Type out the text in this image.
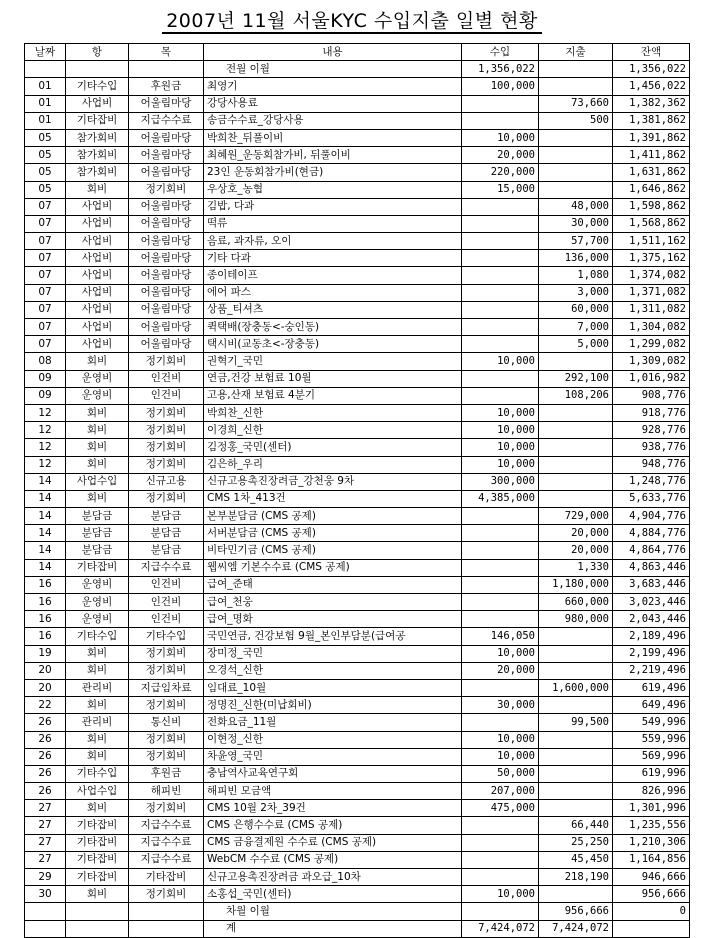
2007년 11월 서울KYC 수입지출 일별 현황
날짜	항	목	내용	수입	지출	잔액
			전월 이월	1,356,022		1,356,022
01	기타수입	후원금	최영기	100,000		1,456,022
01	사업비	어울림마당	강당사용료		73,660	1,382,362
01	기타잡비	지급수수료	송금수수료_강당사용		500	1,381,862
05	참가회비	어울림마당	박희찬_뒤풀이비	10,000		1,391,862
05	참가회비	어울림마당	최혜원_운동회참가비, 뒤풀이비	20,000		1,411,862
05	참가회비	어울림마당	23인 운동회참가비(현금)	220,000		1,631,862
05	회비	정기회비	우상호_농협	15,000		1,646,862
07	사업비	어울림마당	김밥, 다과		48,000	1,598,862
07	사업비	어울림마당	떡류		30,000	1,568,862
07	사업비	어울림마당	음료, 과자류, 오이		57,700	1,511,162
07	사업비	어울림마당	기타 다과		136,000	1,375,162
07	사업비	어울림마당	종이테이프		1,080	1,374,082
07	사업비	어울림마당	에어 파스		3,000	1,371,082
07	사업비	어울림마당	상품_티셔츠		60,000	1,311,082
07	사업비	어울림마당	퀵택배(장충동<-숭인동)		7,000	1,304,082
07	사업비	어울림마당	택시비(교동초<-장충동)		5,000	1,299,082
08	회비	정기회비	권혁기_국민	10,000		1,309,082
09	운영비	인건비	연금,건강 보험료 10월		292,100	1,016,982
09	운영비	인건비	고용,산재 보험료 4분기		108,206	908,776
12	회비	정기회비	박희찬_신한	10,000		918,776
12	회비	정기회비	이경희_신한	10,000		928,776
12	회비	정기회비	김정홍_국민(센터)	10,000		938,776
12	회비	정기회비	김은하_우리	10,000		948,776
14	사업수입	신규고용	신규고용촉진장려금_강천웅 9차	300,000		1,248,776
14	회비	정기회비	CMS 1차_413건	4,385,000		5,633,776
14	분담금	분담금	본부분담금 (CMS 공제)		729,000	4,904,776
14	분담금	분담금	서버분담금 (CMS 공제)		20,000	4,884,776
14	분담금	분담금	비타민기금 (CMS 공제)		20,000	4,864,776
14	기타잡비	지급수수료	웹씨엠 기본수수료 (CMS 공제)		1,330	4,863,446
16	운영비	인건비	급여_준태		1,180,000	3,683,446
16	운영비	인건비	급여_천웅		660,000	3,023,446
16	운영비	인건비	급여_명화		980,000	2,043,446
16	기타수입	기타수입	국민연금, 건강보험 9월_본인부담분(급여공	146,050		2,189,496
19	회비	정기회비	장미정_국민	10,000		2,199,496
20	회비	정기회비	오경석_신한	20,000		2,219,496
20	관리비	지급임차료	임대료_10월		1,600,000	619,496
22	회비	정기회비	정명진_신한(미납회비)	30,000		649,496
26	관리비	통신비	전화요금_11월		99,500	549,996
26	회비	정기회비	이현정_신한	10,000		559,996
26	회비	정기회비	차윤영_국민	10,000		569,996
26	기타수입	후원금	충남역사교육연구회	50,000		619,996
26	사업수입	해피빈	해피빈 모금액	207,000		826,996
27	회비	정기회비	CMS 10월 2차_39건	475,000		1,301,996
27	기타잡비	지급수수료	CMS 은행수수료 (CMS 공제)		66,440	1,235,556
27	기타잡비	지급수수료	CMS 금융결제원 수수료 (CMS 공제)		25,250	1,210,306
27	기타잡비	지급수수료	WebCM 수수료 (CMS 공제)		45,450	1,164,856
29	기타잡비	기타잡비	신규고용촉진장려금 과오급_10차		218,190	946,666
30	회비	정기회비	소홍섭_국민(센터)	10,000		956,666
			차월 이월		956,666	0
			계	7,424,072	7,424,072	
